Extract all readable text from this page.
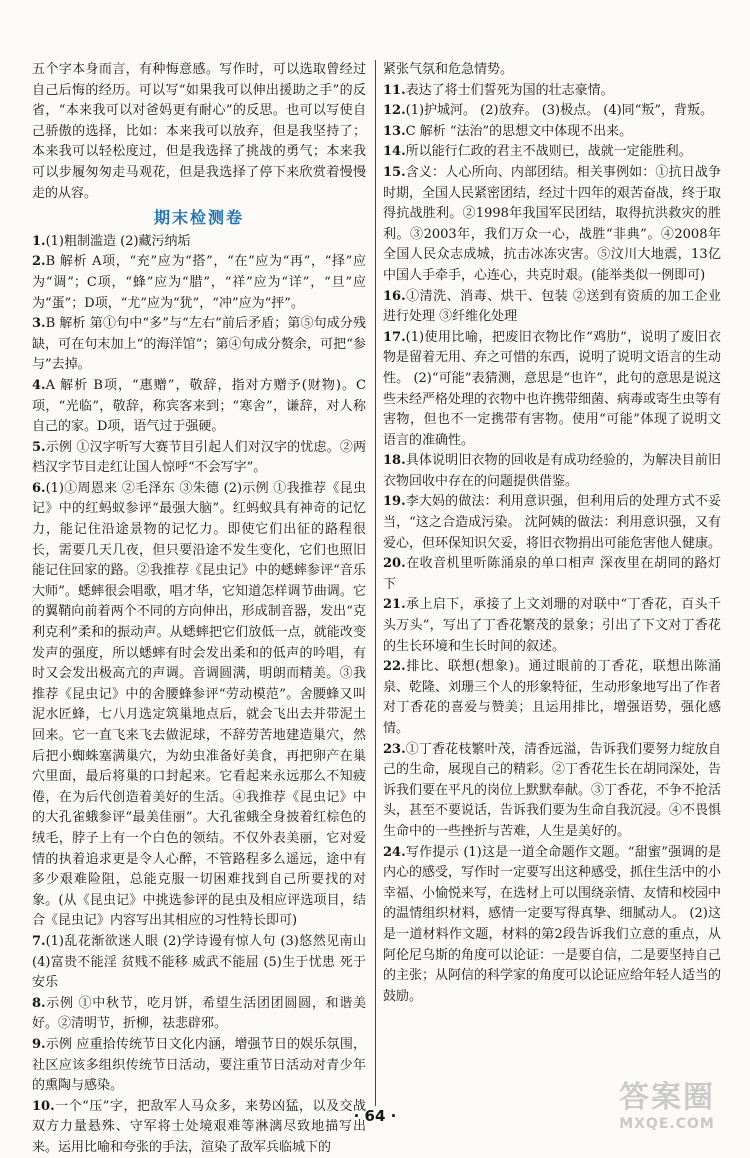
五个字本身而言，有种悔意感。写作时，可以选取曾经过自己后悔的经历。可以写“如果我可以伸出援助之手”的反省，“本来我可以对爸妈更有耐心”的反思。也可以写使自己骄傲的选择，比如：本来我可以放弃，但是我坚持了；本来我可以轻松度过，但是我选择了挑战的勇气；本来我可以步履匆匆走马观花，但是我选择了停下来欣赏着慢慢走的从容。

期末检测卷

1.(1)粗制滥造 (2)藏污纳垢

2.B 解析 A项，“充”应为“搭”，“在”应为“再”，“择”应为“调”；C项，“蜂”应为“腊”，“祥”应为“详”，“旦”应为“蛋”；D项，“尤”应为“犹”，“冲”应为“抨”。

3.B 解析 第①句中“多”与“左右”前后矛盾；第⑤句成分残缺，可在句末加上“的海洋馆”；第④句成分赘余，可把“参与”去掉。

4.A 解析 B项，“惠赠”，敬辞，指对方赠予(财物)。C项，“光临”，敬辞，称宾客来到；“寒舍”，谦辞，对人称自己的家。D项，语气过于强硬。

5.示例 ①汉字听写大赛节目引起人们对汉字的忧虑。②两档汉字节目走红让国人惊呼“不会写字”。

6.(1)①周恩来 ②毛泽东 ③朱德 (2)示例 ①我推荐《昆虫记》中的红蚂蚁参评“最强大脑”。红蚂蚁具有神奇的记忆力，能记住沿途景物的记忆力。即使它们出征的路程很长，需要几天几夜，但只要沿途不发生变化，它们也照旧能记住回家的路。②我推荐《昆虫记》中的蟋蟀参评“音乐大师”。蟋蟀很会唱歌，唱才华，它知道怎样调节曲调。它的翼鞘向前着两个不同的方向伸出，形成制音器，发出“克利克利”柔和的振动声。从蟋蟀把它们放低一点，就能改变发声的强度，所以蟋蟀有时会发出柔和的低声的吟唱，有时又会发出极高亢的声调。音调圆满，明朗而精美。③我推荐《昆虫记》中的舍腰蜂参评“劳动模范”。舍腰蜂又叫泥水匠蜂，七八月选定筑巢地点后，就会飞出去并带泥土回来。它一直飞来飞去做泥球，不辞劳苦地建造巢穴，然后把小蜘蛛塞满巢穴，为幼虫准备好美食，再把卵产在巢穴里面，最后将巢的口封起来。它看起来永远那么不知疲倦，在为后代创造着美好的生活。④我推荐《昆虫记》中的大孔雀蛾参评“最美佳丽”。大孔雀蛾全身披着红棕色的绒毛，脖子上有一个白色的领结。不仅外表美丽，它对爱情的执着追求更是令人心醉，不管路程多么遥远，途中有多少艰难险阻，总能克服一切困难找到自己所要找的对象。(从《昆虫记》中挑选参评的昆虫及相应评选项目，结合《昆虫记》内容写出其相应的习性特长即可)

7.(1)乱花渐欲迷人眼 (2)学诗谩有惊人句 (3)悠然见南山 (4)富贵不能淫 贫贱不能移 威武不能屈 (5)生于忧患 死于安乐

8.示例 ①中秋节，吃月饼，希望生活团团圆圆，和谐美好。②清明节，折柳，祛悲辟邪。

9.示例 应重拾传统节日文化内涵，增强节日的娱乐氛围，社区应该多组织传统节日活动，要注重节日活动对青少年的熏陶与感染。

10.一个“压”字，把敌军人马众多，来势凶猛，以及交战双方力量悬殊、守军将士处境艰难等淋漓尽致地描写出来。运用比喻和夸张的手法，渲染了敌军兵临城下的

紧张气氛和危急情势。

11.表达了将士们誓死为国的壮志豪情。

12.(1)护城河。 (2)放弃。 (3)极点。 (4)同“叛”，背叛。

13.C 解析 “法治”的思想文中体现不出来。

14.所以能行仁政的君主不战则已，战就一定能胜利。

15.含义：人心所向、内部团结。相关事例如：①抗日战争时期，全国人民紧密团结，经过十四年的艰苦奋战，终于取得抗战胜利。②1998年我国军民团结，取得抗洪救灾的胜利。③2003年，我们万众一心，战胜“非典”。④2008年全国人民众志成城，抗击冰冻灾害。⑤汶川大地震，13亿中国人手牵手，心连心，共克时艰。(能举类似一例即可)

16.①清洗、消毒、烘干、包装 ②送到有资质的加工企业进行处理 ③纤维化处理

17.(1)使用比喻，把废旧衣物比作“鸡肋”，说明了废旧衣物是留着无用、弃之可惜的东西，说明了说明文语言的生动性。 (2)“可能”表猜测，意思是“也许”，此句的意思是说这些未经严格处理的衣物中也许携带细菌、病毒或寄生虫等有害物，但也不一定携带有害物。使用“可能”体现了说明文语言的准确性。

18.具体说明旧衣物的回收是有成功经验的，为解决目前旧衣物回收中存在的问题提供借鉴。

19.李大妈的做法：利用意识强，但利用后的处理方式不妥当，“这之合造成污染。 沈阿姨的做法：利用意识强，又有爱心，但环保知识欠妥，将旧衣物捐出可能危害他人健康。

20.在收音机里听陈涌泉的单口相声 深夜里在胡同的路灯下

21.承上启下，承接了上文刘珊的对联中“丁香花，百头千头万头”，写出了丁香花繁茂的景象；引出了下文对丁香花的生长环境和生长时间的叙述。

22.排比、联想(想象)。通过眼前的丁香花，联想出陈涌泉、乾隆、刘珊三个人的形象特征，生动形象地写出了作者对丁香花的喜爱与赞美；且运用排比，增强语势，强化感情。

23.①丁香花枝繁叶茂，清香远溢，告诉我们要努力绽放自己的生命，展现自己的精彩。②丁香花生长在胡同深处，告诉我们要在平凡的岗位上默默奉献。③丁香花，不争不抢活头，甚至不要说话，告诉我们要为生命自我沉浸。④不畏惧生命中的一些挫折与苦难，人生是美好的。

24.写作提示 (1)这是一道全命题作文题。“甜蜜”强调的是内心的感受，写作时一定要写出这种感受，抓住生活中的小幸福、小愉悦来写，在选材上可以围绕亲情、友情和校园中的温情组织材料，感情一定要写得真挚、细腻动人。 (2)这是一道材料作文题，材料的第2段告诉我们立意的重点，从阿伦尼乌斯的角度可以论证：一是要自信，二是要坚持自己的主张；从阿信的科学家的角度可以论证应给年轻人适当的鼓励。

· 64 ·
答案圈
MXQE.COM
